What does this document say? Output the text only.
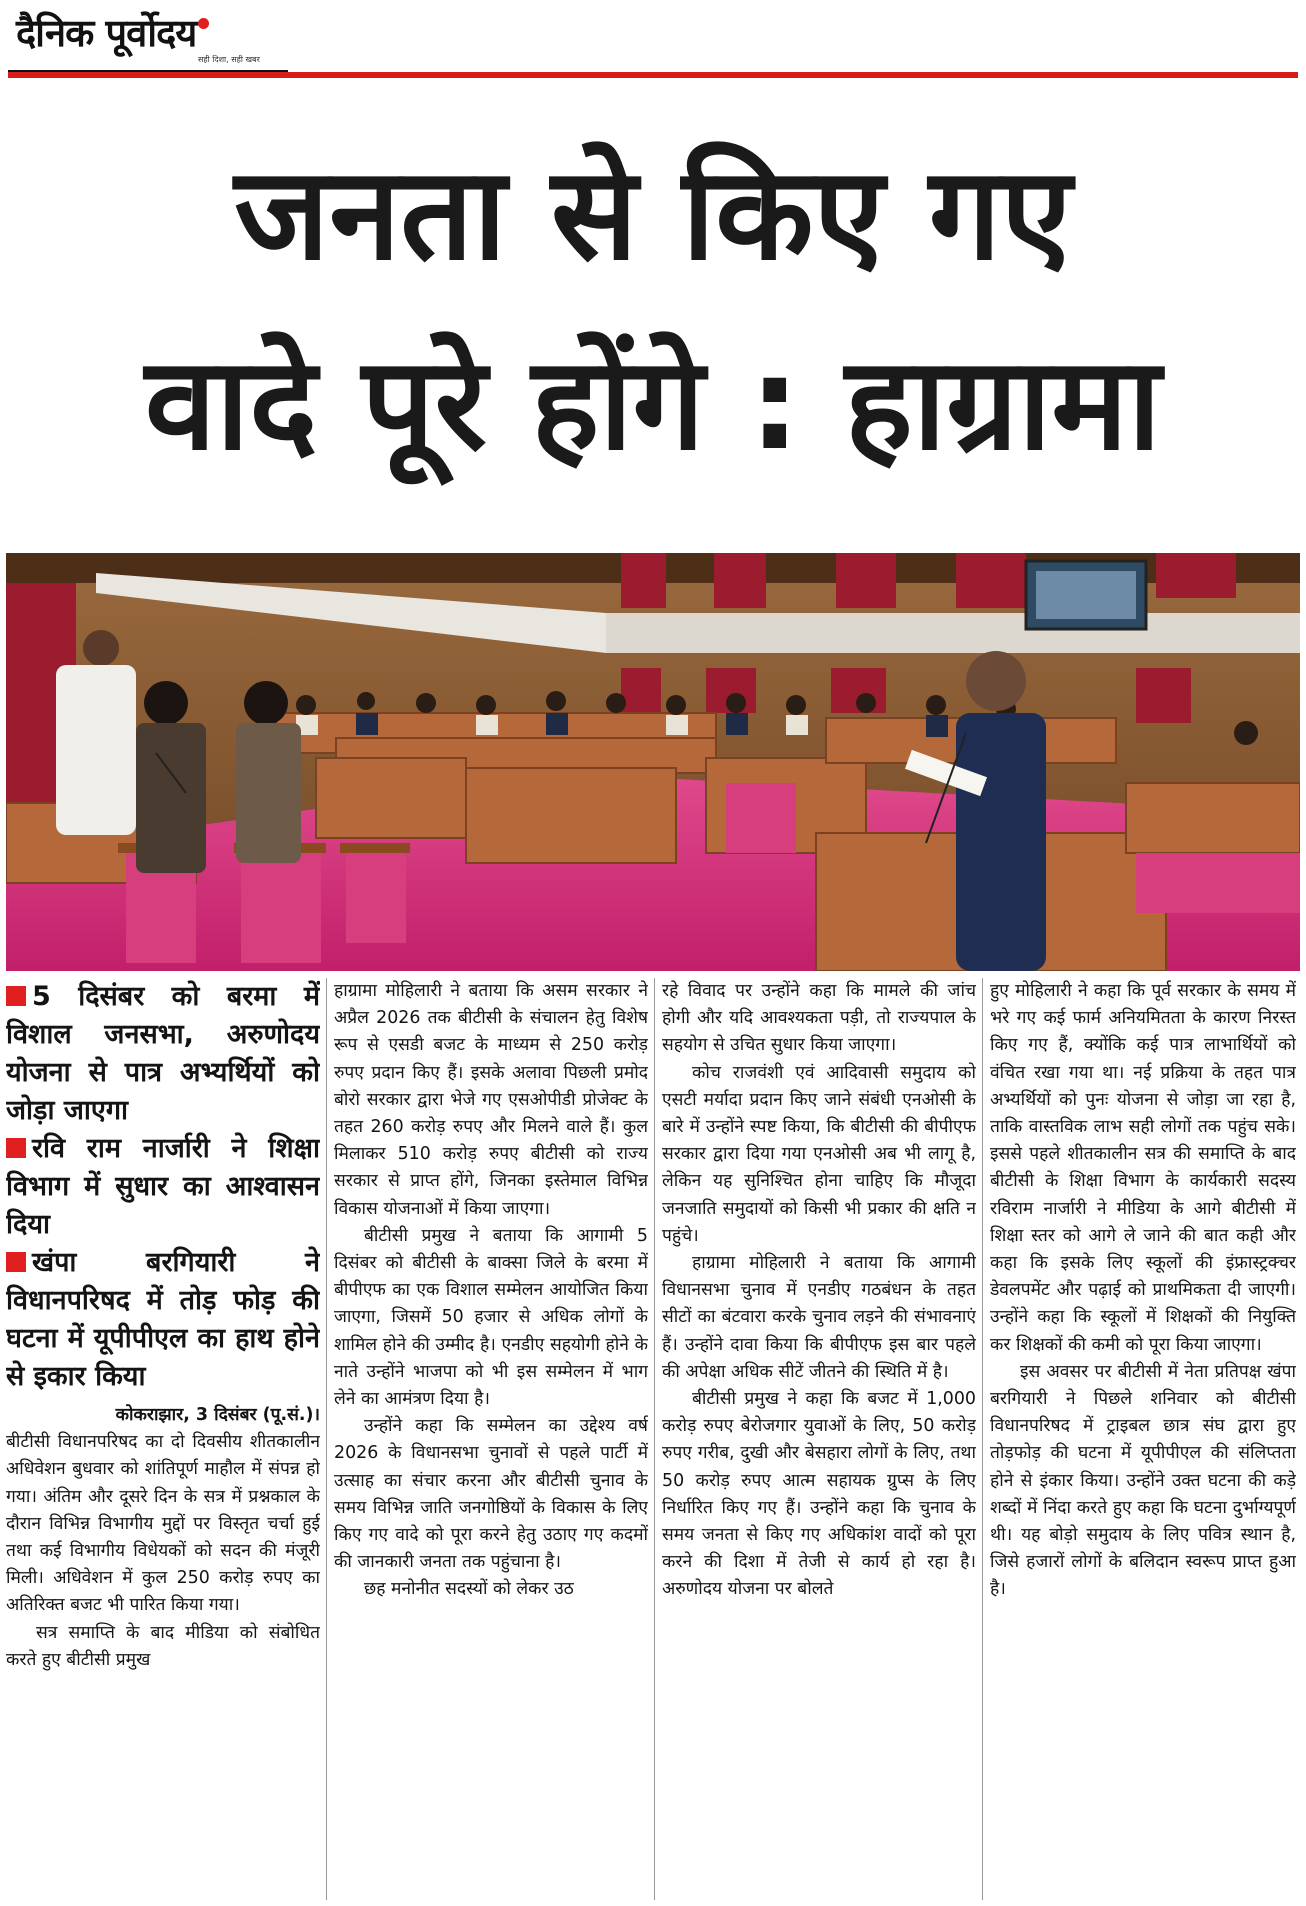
दैनिक पूर्वोदय
सही दिशा, सही खबर
जनता से किए गए
वादे पूरे होंगे : हाग्रामा
5 दिसंबर को बरमा में विशाल जनसभा, अरुणोदय योजना से पात्र अभ्यर्थियों को जोड़ा जाएगा
रवि राम नार्जारी ने शिक्षा विभाग में सुधार का आश्वासन दिया
खंपा बरगियारी ने विधानपरिषद में तोड़ फोड़ की घटना में यूपीपीएल का हाथ होने से इकार किया

कोकराझार, 3 दिसंबर (पू.सं.)।

बीटीसी विधानपरिषद का दो दिवसीय शीतकालीन अधिवेशन बुधवार को शांतिपूर्ण माहौल में संपन्न हो गया। अंतिम और दूसरे दिन के सत्र में प्रश्नकाल के दौरान विभिन्न विभागीय मुद्दों पर विस्तृत चर्चा हुई तथा कई विभागीय विधेयकों को सदन की मंजूरी मिली। अधिवेशन में कुल 250 करोड़ रुपए का अतिरिक्त बजट भी पारित किया गया।

सत्र समाप्ति के बाद मीडिया को संबोधित करते हुए बीटीसी प्रमुख

हाग्रामा मोहिलारी ने बताया कि असम सरकार ने अप्रैल 2026 तक बीटीसी के संचालन हेतु विशेष रूप से एसडी बजट के माध्यम से 250 करोड़ रुपए प्रदान किए हैं। इसके अलावा पिछली प्रमोद बोरो सरकार द्वारा भेजे गए एसओपीडी प्रोजेक्ट के तहत 260 करोड़ रुपए और मिलने वाले हैं। कुल मिलाकर 510 करोड़ रुपए बीटीसी को राज्य सरकार से प्राप्त होंगे, जिनका इस्तेमाल विभिन्न विकास योजनाओं में किया जाएगा।

बीटीसी प्रमुख ने बताया कि आगामी 5 दिसंबर को बीटीसी के बाक्सा जिले के बरमा में बीपीएफ का एक विशाल सम्मेलन आयोजित किया जाएगा, जिसमें 50 हजार से अधिक लोगों के शामिल होने की उम्मीद है। एनडीए सहयोगी होने के नाते उन्होंने भाजपा को भी इस सम्मेलन में भाग लेने का आमंत्रण दिया है।

उन्होंने कहा कि सम्मेलन का उद्देश्य वर्ष 2026 के विधानसभा चुनावों से पहले पार्टी में उत्साह का संचार करना और बीटीसी चुनाव के समय विभिन्न जाति जनगोष्ठियों के विकास के लिए किए गए वादे को पूरा करने हेतु उठाए गए कदमों की जानकारी जनता तक पहुंचाना है।

छह मनोनीत सदस्यों को लेकर उठ

रहे विवाद पर उन्होंने कहा कि मामले की जांच होगी और यदि आवश्यकता पड़ी, तो राज्यपाल के सहयोग से उचित सुधार किया जाएगा।

कोच राजवंशी एवं आदिवासी समुदाय को एसटी मर्यादा प्रदान किए जाने संबंधी एनओसी के बारे में उन्होंने स्पष्ट किया, कि बीटीसी की बीपीएफ सरकार द्वारा दिया गया एनओसी अब भी लागू है, लेकिन यह सुनिश्चित होना चाहिए कि मौजूदा जनजाति समुदायों को किसी भी प्रकार की क्षति न पहुंचे।

हाग्रामा मोहिलारी ने बताया कि आगामी विधानसभा चुनाव में एनडीए गठबंधन के तहत सीटों का बंटवारा करके चुनाव लड़ने की संभावनाएं हैं। उन्होंने दावा किया कि बीपीएफ इस बार पहले की अपेक्षा अधिक सीटें जीतने की स्थिति में है।

बीटीसी प्रमुख ने कहा कि बजट में 1,000 करोड़ रुपए बेरोजगार युवाओं के लिए, 50 करोड़ रुपए गरीब, दुखी और बेसहारा लोगों के लिए, तथा 50 करोड़ रुपए आत्म सहायक ग्रुप्स के लिए निर्धारित किए गए हैं। उन्होंने कहा कि चुनाव के समय जनता से किए गए अधिकांश वादों को पूरा करने की दिशा में तेजी से कार्य हो रहा है। अरुणोदय योजना पर बोलते

हुए मोहिलारी ने कहा कि पूर्व सरकार के समय में भरे गए कई फार्म अनियमितता के कारण निरस्त किए गए हैं, क्योंकि कई पात्र लाभार्थियों को वंचित रखा गया था। नई प्रक्रिया के तहत पात्र अभ्यर्थियों को पुनः योजना से जोड़ा जा रहा है, ताकि वास्तविक लाभ सही लोगों तक पहुंच सके। इससे पहले शीतकालीन सत्र की समाप्ति के बाद बीटीसी के शिक्षा विभाग के कार्यकारी सदस्य रविराम नार्जारी ने मीडिया के आगे बीटीसी में शिक्षा स्तर को आगे ले जाने की बात कही और कहा कि इसके लिए स्कूलों की इंफ्रास्ट्रक्चर डेवलपमेंट और पढ़ाई को प्राथमिकता दी जाएगी। उन्होंने कहा कि स्कूलों में शिक्षकों की नियुक्ति कर शिक्षकों की कमी को पूरा किया जाएगा।

इस अवसर पर बीटीसी में नेता प्रतिपक्ष खंपा बरगियारी ने पिछले शनिवार को बीटीसी विधानपरिषद में ट्राइबल छात्र संघ द्वारा हुए तोड़फोड़ की घटना में यूपीपीएल की संलिप्तता होने से इंकार किया। उन्होंने उक्त घटना की कड़े शब्दों में निंदा करते हुए कहा कि घटना दुर्भाग्यपूर्ण थी। यह बोड़ो समुदाय के लिए पवित्र स्थान है, जिसे हजारों लोगों के बलिदान स्वरूप प्राप्त हुआ है।
